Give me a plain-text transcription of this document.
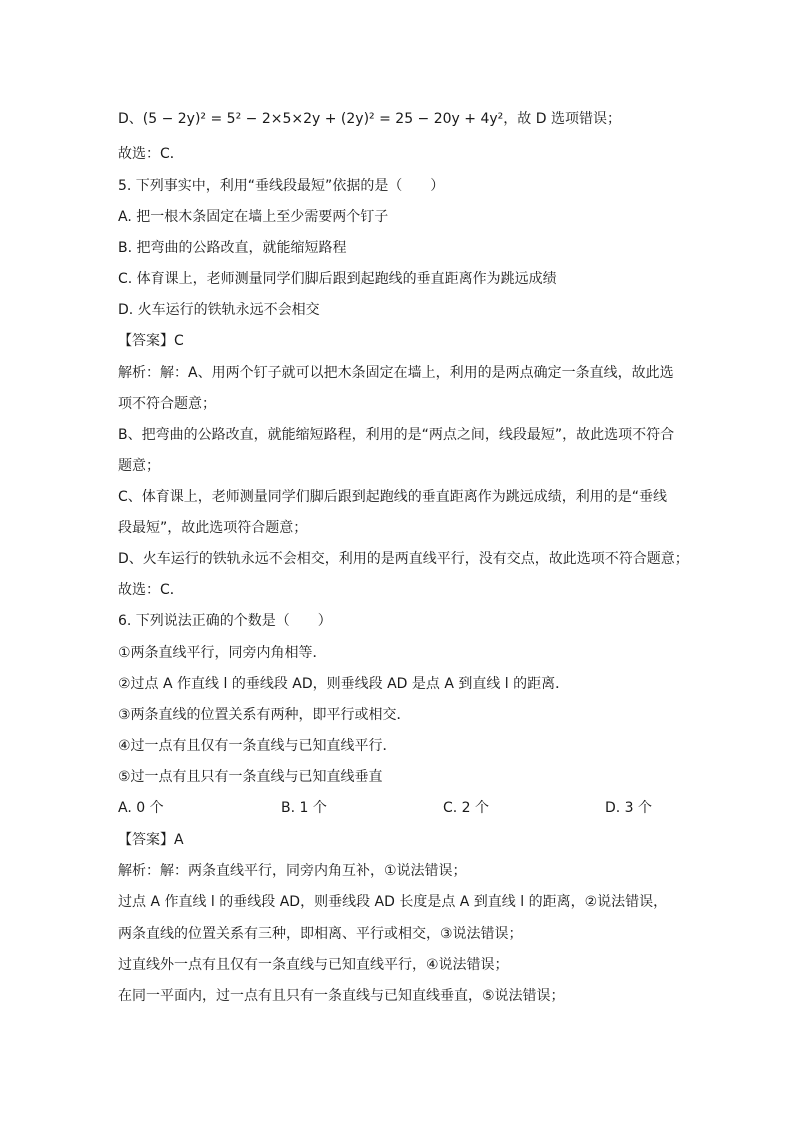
D、(5 − 2y)² = 5² − 2×5×2y + (2y)² = 25 − 20y + 4y²，故 D 选项错误；
故选：C．
5. 下列事实中，利用“垂线段最短”依据的是（　　）
A. 把一根木条固定在墙上至少需要两个钉子
B. 把弯曲的公路改直，就能缩短路程
C. 体育课上，老师测量同学们脚后跟到起跑线的垂直距离作为跳远成绩
D. 火车运行的铁轨永远不会相交
【答案】C
解析：解：A、用两个钉子就可以把木条固定在墙上，利用的是两点确定一条直线，故此选
项不符合题意；
B、把弯曲的公路改直，就能缩短路程，利用的是“两点之间，线段最短”，故此选项不符合
题意；
C、体育课上，老师测量同学们脚后跟到起跑线的垂直距离作为跳远成绩，利用的是“垂线
段最短”，故此选项符合题意；
D、火车运行的铁轨永远不会相交，利用的是两直线平行，没有交点，故此选项不符合题意；
故选：C．
6. 下列说法正确的个数是（　　）
①两条直线平行，同旁内角相等．
②过点 A 作直线 l 的垂线段 AD，则垂线段 AD 是点 A 到直线 l 的距离．
③两条直线的位置关系有两种，即平行或相交．
④过一点有且仅有一条直线与已知直线平行．
⑤过一点有且只有一条直线与已知直线垂直
A. 0 个	B. 1 个	C. 2 个	D. 3 个
【答案】A
解析：解：两条直线平行，同旁内角互补，①说法错误；
过点 A 作直线 l 的垂线段 AD，则垂线段 AD 长度是点 A 到直线 l 的距离，②说法错误，
两条直线的位置关系有三种，即相离、平行或相交，③说法错误；
过直线外一点有且仅有一条直线与已知直线平行，④说法错误；
在同一平面内，过一点有且只有一条直线与已知直线垂直，⑤说法错误；
